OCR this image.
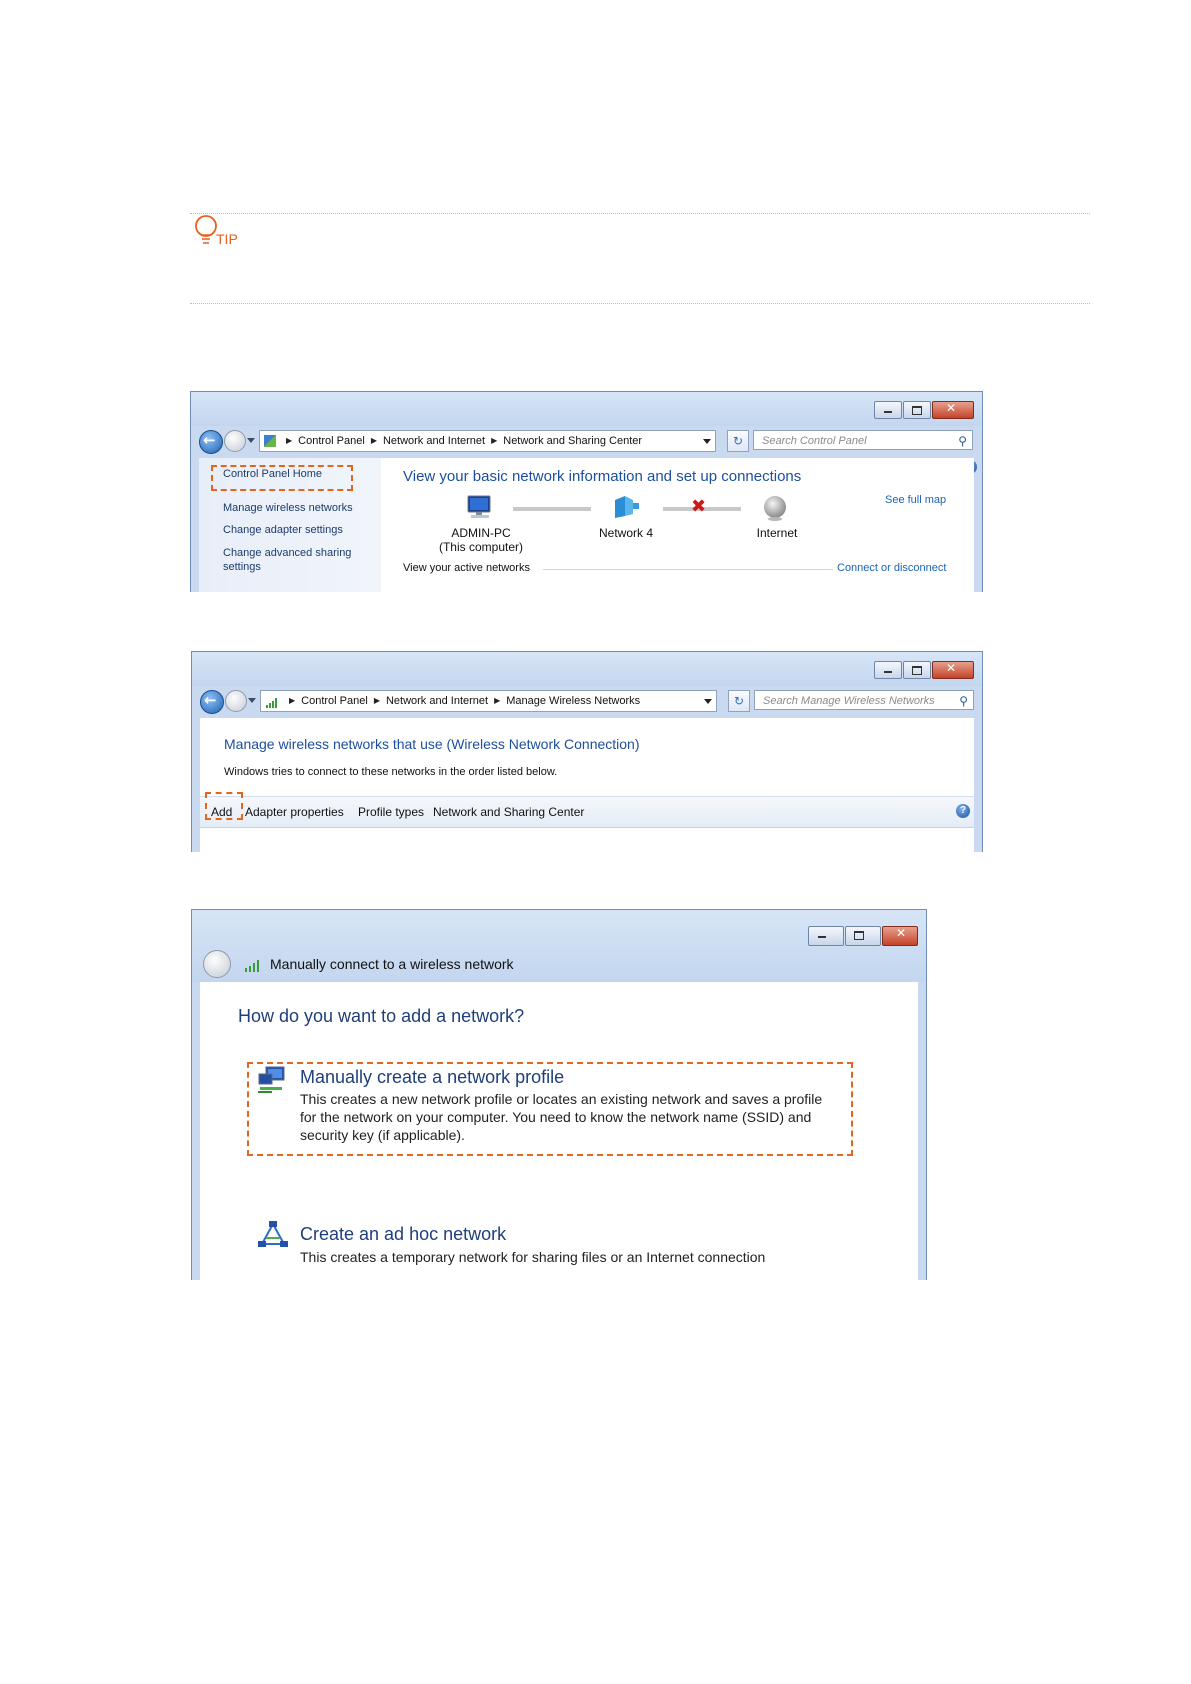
TIP
✕
←
▶ Control Panel ▶ Network and Internet ▶ Network and Sharing Center	↻	Search Control Panel	⚲
Control Panel Home
Manage wireless networks
Change adapter settings
Change advanced sharing settings
View your basic network information and set up connections
See full map
✖
ADMIN-PC
(This computer)
Network 4	Internet
View your active networks	Connect or disconnect
✕
←
▶ Control Panel ▶ Network and Internet ▶ Manage Wireless Networks	↻	Search Manage Wireless Networks ⚲
Manage wireless networks that use (Wireless Network Connection)
Windows tries to connect to these networks in the order listed below.
Add Adapter properties Profile types Network and Sharing Center	?
✕
Manually connect to a wireless network
How do you want to add a network?
Manually create a network profile
This creates a new network profile or locates an existing network and saves a profile
for the network on your computer. You need to know the network name (SSID) and
security key (if applicable).
Create an ad hoc network
This creates a temporary network for sharing files or an Internet connection
